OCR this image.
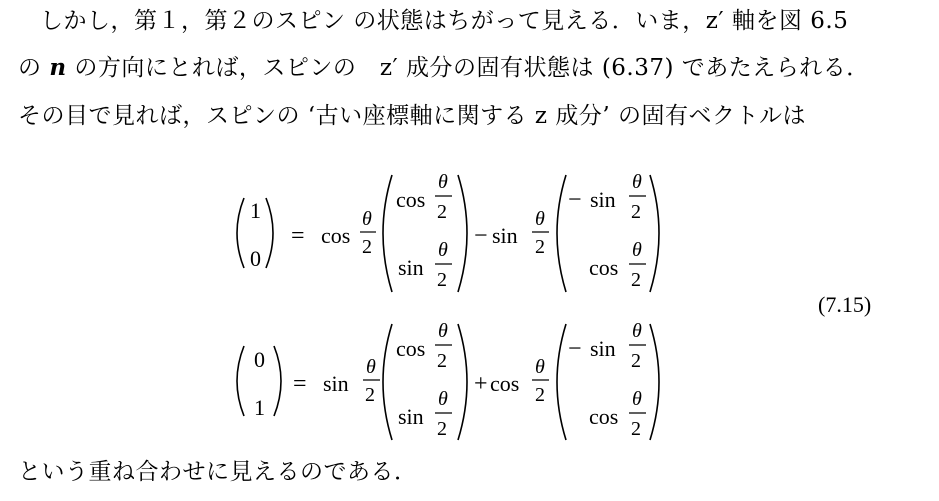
しかし，第１，第２のスピン の状態はちがって見える．いま，z′ 軸を図 6.5
の n の方向にとれば，スピンの　z′ 成分の固有状態は (6.37) であたえられる．
その目で見れば，スピンの ‘古い座標軸に関する z 成分’ の固有ベクトルは
1
0
= cos
θ
2
cos
θ
2
sin
θ
2
− sin
θ
2
− sin
θ
2
cos
θ
2
0
1
= sin
θ
2
cos
θ
2
sin
θ
2
+ cos
θ
2
− sin
θ
2
cos
θ
2
(7.15)
という重ね合わせに見えるのである．
